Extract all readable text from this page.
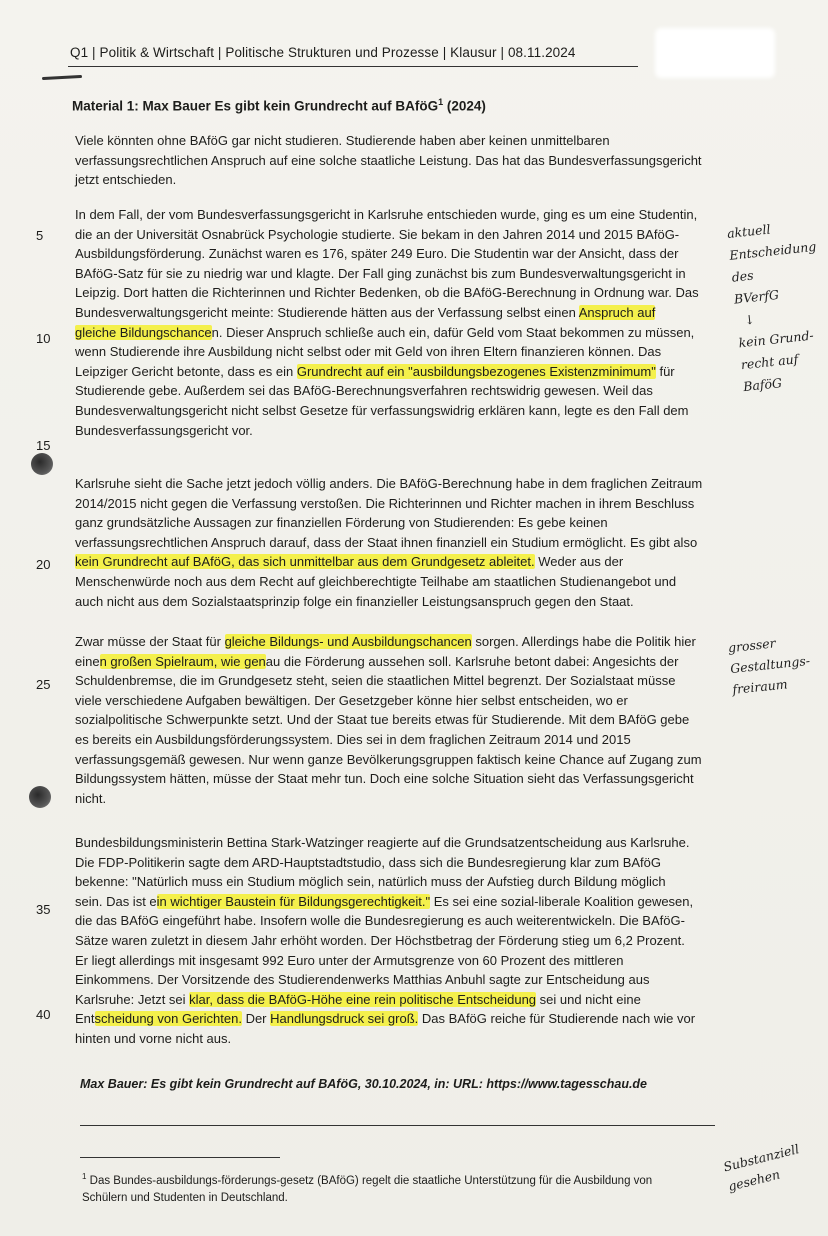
Q1 | Politik & Wirtschaft | Politische Strukturen und Prozesse | Klausur | 08.11.2024
Material 1: Max Bauer Es gibt kein Grundrecht auf BAföG$^1$ (2024)
Viele könnten ohne BAföG gar nicht studieren. Studierende haben aber keinen unmittelbaren
verfassungsrechtlichen Anspruch auf eine solche staatliche Leistung. Das hat das Bundesverfassungsgericht
jetzt entschieden.
In dem Fall, der vom Bundesverfassungsgericht in Karlsruhe entschieden wurde, ging es um eine Studentin,
die an der Universität Osnabrück Psychologie studierte. Sie bekam in den Jahren 2014 und 2015 BAföG-
Ausbildungsförderung. Zunächst waren es 176, später 249 Euro. Die Studentin war der Ansicht, dass der
BAföG-Satz für sie zu niedrig war und klagte. Der Fall ging zunächst bis zum Bundesverwaltungsgericht in
Leipzig. Dort hatten die Richterinnen und Richter Bedenken, ob die BAföG-Berechnung in Ordnung war. Das
Bundesverwaltungsgericht meinte: Studierende hätten aus der Verfassung selbst einen Anspruch auf
gleiche Bildungschancen. Dieser Anspruch schließe auch ein, dafür Geld vom Staat bekommen zu müssen,
wenn Studierende ihre Ausbildung nicht selbst oder mit Geld von ihren Eltern finanzieren können. Das
Leipziger Gericht betonte, dass es ein Grundrecht auf ein "ausbildungsbezogenes Existenzminimum" für
Studierende gebe. Außerdem sei das BAföG-Berechnungsverfahren rechtswidrig gewesen. Weil das
Bundesverwaltungsgericht nicht selbst Gesetze für verfassungswidrig erklären kann, legte es den Fall dem
Bundesverfassungsgericht vor.
Karlsruhe sieht die Sache jetzt jedoch völlig anders. Die BAföG-Berechnung habe in dem fraglichen Zeitraum
2014/2015 nicht gegen die Verfassung verstoßen. Die Richterinnen und Richter machen in ihrem Beschluss
ganz grundsätzliche Aussagen zur finanziellen Förderung von Studierenden: Es gebe keinen
verfassungsrechtlichen Anspruch darauf, dass der Staat ihnen finanziell ein Studium ermöglicht. Es gibt also
kein Grundrecht auf BAföG, das sich unmittelbar aus dem Grundgesetz ableitet. Weder aus der
Menschenwürde noch aus dem Recht auf gleichberechtigte Teilhabe am staatlichen Studienangebot und
auch nicht aus dem Sozialstaatsprinzip folge ein finanzieller Leistungsanspruch gegen den Staat.
Zwar müsse der Staat für gleiche Bildungs- und Ausbildungschancen sorgen. Allerdings habe die Politik hier
einen großen Spielraum, wie genau die Förderung aussehen soll. Karlsruhe betont dabei: Angesichts der
Schuldenbremse, die im Grundgesetz steht, seien die staatlichen Mittel begrenzt. Der Sozialstaat müsse
viele verschiedene Aufgaben bewältigen. Der Gesetzgeber könne hier selbst entscheiden, wo er
sozialpolitische Schwerpunkte setzt. Und der Staat tue bereits etwas für Studierende. Mit dem BAföG gebe
es bereits ein Ausbildungsförderungssystem. Dies sei in dem fraglichen Zeitraum 2014 und 2015
verfassungsgemäß gewesen. Nur wenn ganze Bevölkerungsgruppen faktisch keine Chance auf Zugang zum
Bildungssystem hätten, müsse der Staat mehr tun. Doch eine solche Situation sieht das Verfassungsgericht
nicht.
Bundesbildungsministerin Bettina Stark-Watzinger reagierte auf die Grundsatzentscheidung aus Karlsruhe.
Die FDP-Politikerin sagte dem ARD-Hauptstadtstudio, dass sich die Bundesregierung klar zum BAföG
bekenne: "Natürlich muss ein Studium möglich sein, natürlich muss der Aufstieg durch Bildung möglich
sein. Das ist ein wichtiger Baustein für Bildungsgerechtigkeit." Es sei eine sozial-liberale Koalition gewesen,
die das BAföG eingeführt habe. Insofern wolle die Bundesregierung es auch weiterentwickeln. Die BAföG-
Sätze waren zuletzt in diesem Jahr erhöht worden. Der Höchstbetrag der Förderung stieg um 6,2 Prozent.
Er liegt allerdings mit insgesamt 992 Euro unter der Armutsgrenze von 60 Prozent des mittleren
Einkommens. Der Vorsitzende des Studierendenwerks Matthias Anbuhl sagte zur Entscheidung aus
Karlsruhe: Jetzt sei klar, dass die BAföG-Höhe eine rein politische Entscheidung sei und nicht eine
Entscheidung von Gerichten. Der Handlungsdruck sei groß. Das BAföG reiche für Studierende nach wie vor
hinten und vorne nicht aus.
5
10
15
20
25
35
40
aktuell
Entscheidung
des
BVerfG
↓
kein Grund-
recht auf
BaföG
grosser
Gestaltungs-
freiraum
Substanziell
gesehen
Max Bauer: Es gibt kein Grundrecht auf BAföG, 30.10.2024, in: URL: https://www.tagesschau.de
$^1$ Das Bundes-ausbildungs-förderungs-gesetz (BAföG) regelt die staatliche Unterstützung für die Ausbildung von
Schülern und Studenten in Deutschland.
